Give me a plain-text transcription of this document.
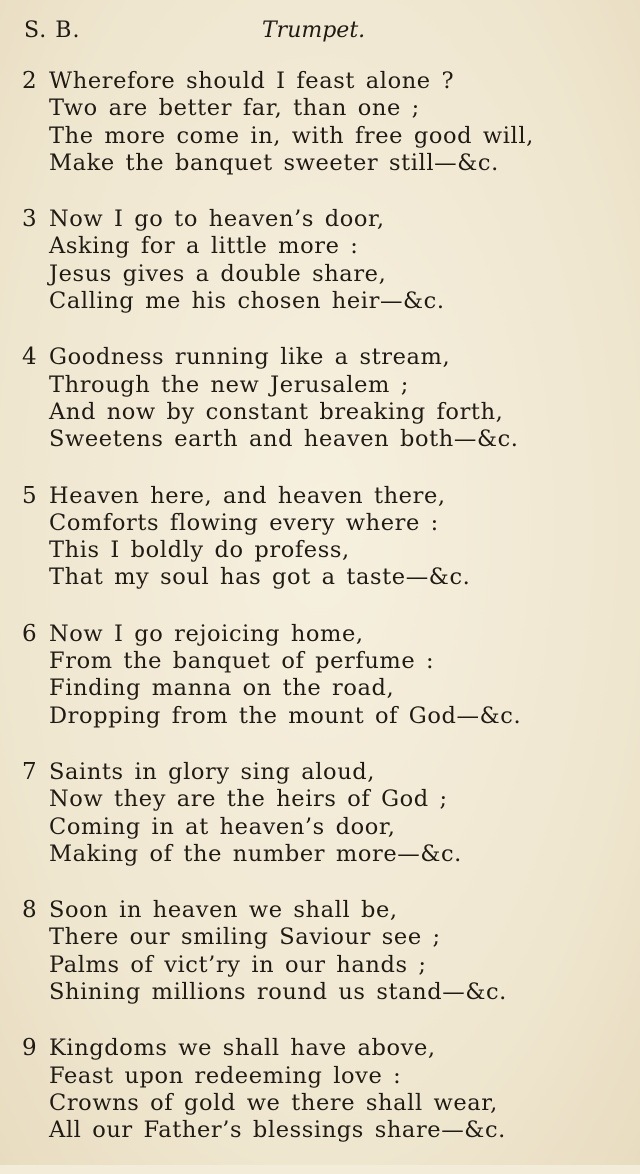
S. B.	Trumpet.
2 Wherefore should I feast alone ?
Two are better far, than one ;
The more come in, with free good will,
Make the banquet sweeter still—&c.
3 Now I go to heaven’s door,
Asking for a little more :
Jesus gives a double share,
Calling me his chosen heir—&c.
4 Goodness running like a stream,
Through the new Jerusalem ;
And now by constant breaking forth,
Sweetens earth and heaven both—&c.
5 Heaven here, and heaven there,
Comforts flowing every where :
This I boldly do profess,
That my soul has got a taste—&c.
6 Now I go rejoicing home,
From the banquet of perfume :
Finding manna on the road,
Dropping from the mount of God—&c.
7 Saints in glory sing aloud,
Now they are the heirs of God ;
Coming in at heaven’s door,
Making of the number more—&c.
8 Soon in heaven we shall be,
There our smiling Saviour see ;
Palms of vict’ry in our hands ;
Shining millions round us stand—&c.
9 Kingdoms we shall have above,
Feast upon redeeming love :
Crowns of gold we there shall wear,
All our Father’s blessings share—&c.
